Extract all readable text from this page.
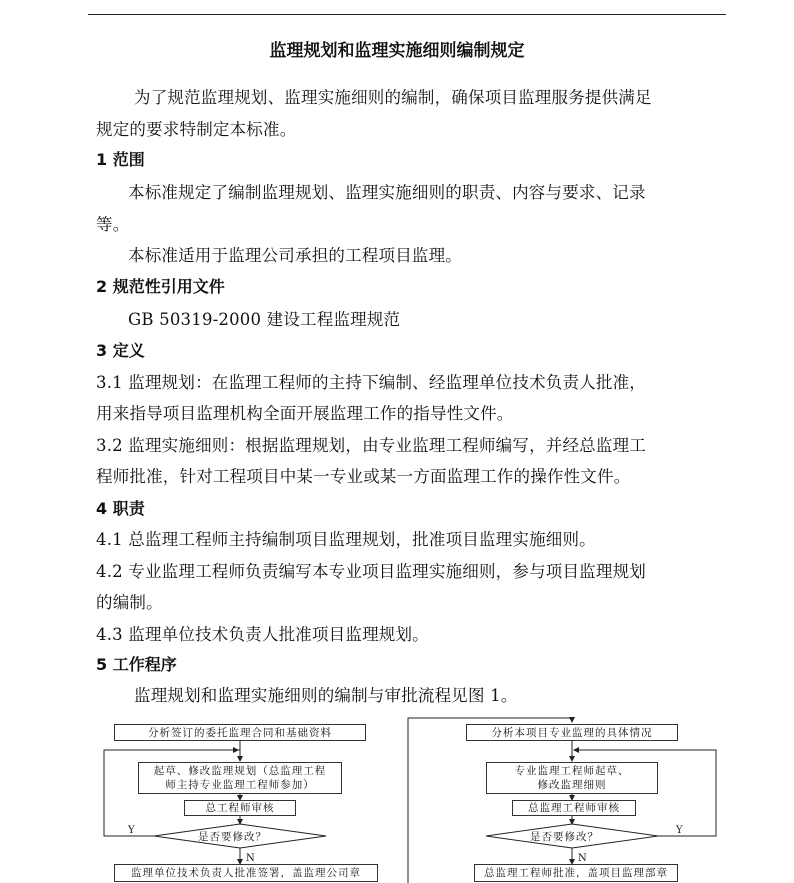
监理规划和监理实施细则编制规定
为了规范监理规划、监理实施细则的编制，确保项目监理服务提供满足
规定的要求特制定本标准。
1 范围
本标准规定了编制监理规划、监理实施细则的职责、内容与要求、记录
等。
本标准适用于监理公司承担的工程项目监理。
2 规范性引用文件
GB 50319-2000 建设工程监理规范
3 定义
3.1 监理规划：在监理工程师的主持下编制、经监理单位技术负责人批准，
用来指导项目监理机构全面开展监理工作的指导性文件。
3.2 监理实施细则：根据监理规划，由专业监理工程师编写，并经总监理工
程师批准，针对工程项目中某一专业或某一方面监理工作的操作性文件。
4 职责
4.1 总监理工程师主持编制项目监理规划，批准项目监理实施细则。
4.2 专业监理工程师负责编写本专业项目监理实施细则，参与项目监理规划
的编制。
4.3 监理单位技术负责人批准项目监理规划。
5 工作程序
监理规划和监理实施细则的编制与审批流程见图 1。
分析签订的委托监理合同和基础资料
起草、修改监理规划（总监理工程
师主持专业监理工程师参加）
总工程师审核
是否要修改？
Y
N
监理单位技术负责人批准签署，盖监理公司章
分析本项目专业监理的具体情况
专业监理工程师起草、
修改监理细则
总监理工程师审核
是否要修改？
Y
N
总监理工程师批准，盖项目监理部章
